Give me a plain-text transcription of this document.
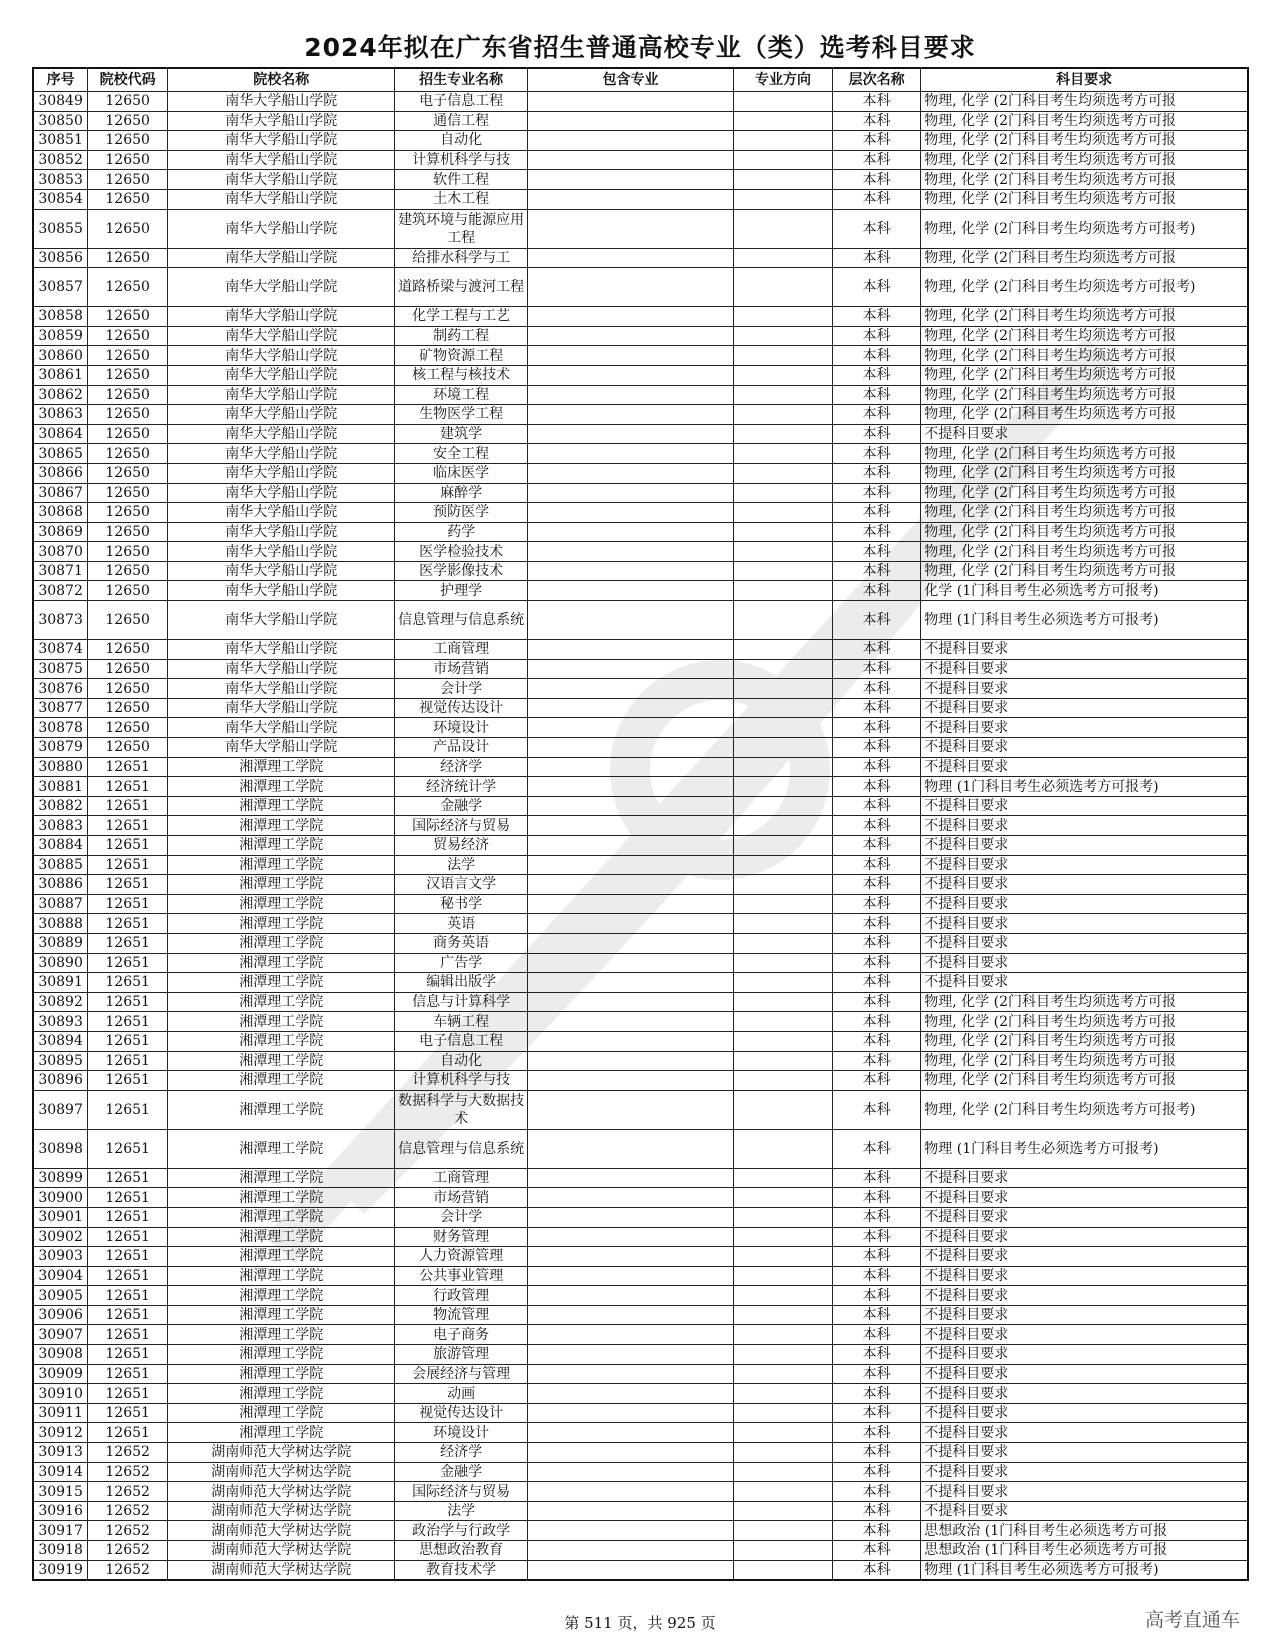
2024年拟在广东省招生普通高校专业（类）选考科目要求
序号	院校代码	院校名称	招生专业名称	包含专业	专业方向	层次名称	科目要求
30849	12650	南华大学船山学院	电子信息工程			本科	物理, 化学 (2门科目考生均须选考方可报
30850	12650	南华大学船山学院	通信工程			本科	物理, 化学 (2门科目考生均须选考方可报
30851	12650	南华大学船山学院	自动化			本科	物理, 化学 (2门科目考生均须选考方可报
30852	12650	南华大学船山学院	计算机科学与技			本科	物理, 化学 (2门科目考生均须选考方可报
30853	12650	南华大学船山学院	软件工程			本科	物理, 化学 (2门科目考生均须选考方可报
30854	12650	南华大学船山学院	土木工程			本科	物理, 化学 (2门科目考生均须选考方可报
30855	12650	南华大学船山学院	建筑环境与能源应用工程			本科	物理, 化学 (2门科目考生均须选考方可报考)
30856	12650	南华大学船山学院	给排水科学与工			本科	物理, 化学 (2门科目考生均须选考方可报
30857	12650	南华大学船山学院	道路桥梁与渡河工程			本科	物理, 化学 (2门科目考生均须选考方可报考)
30858	12650	南华大学船山学院	化学工程与工艺			本科	物理, 化学 (2门科目考生均须选考方可报
30859	12650	南华大学船山学院	制药工程			本科	物理, 化学 (2门科目考生均须选考方可报
30860	12650	南华大学船山学院	矿物资源工程			本科	物理, 化学 (2门科目考生均须选考方可报
30861	12650	南华大学船山学院	核工程与核技术			本科	物理, 化学 (2门科目考生均须选考方可报
30862	12650	南华大学船山学院	环境工程			本科	物理, 化学 (2门科目考生均须选考方可报
30863	12650	南华大学船山学院	生物医学工程			本科	物理, 化学 (2门科目考生均须选考方可报
30864	12650	南华大学船山学院	建筑学			本科	不提科目要求
30865	12650	南华大学船山学院	安全工程			本科	物理, 化学 (2门科目考生均须选考方可报
30866	12650	南华大学船山学院	临床医学			本科	物理, 化学 (2门科目考生均须选考方可报
30867	12650	南华大学船山学院	麻醉学			本科	物理, 化学 (2门科目考生均须选考方可报
30868	12650	南华大学船山学院	预防医学			本科	物理, 化学 (2门科目考生均须选考方可报
30869	12650	南华大学船山学院	药学			本科	物理, 化学 (2门科目考生均须选考方可报
30870	12650	南华大学船山学院	医学检验技术			本科	物理, 化学 (2门科目考生均须选考方可报
30871	12650	南华大学船山学院	医学影像技术			本科	物理, 化学 (2门科目考生均须选考方可报
30872	12650	南华大学船山学院	护理学			本科	化学 (1门科目考生必须选考方可报考)
30873	12650	南华大学船山学院	信息管理与信息系统			本科	物理 (1门科目考生必须选考方可报考)
30874	12650	南华大学船山学院	工商管理			本科	不提科目要求
30875	12650	南华大学船山学院	市场营销			本科	不提科目要求
30876	12650	南华大学船山学院	会计学			本科	不提科目要求
30877	12650	南华大学船山学院	视觉传达设计			本科	不提科目要求
30878	12650	南华大学船山学院	环境设计			本科	不提科目要求
30879	12650	南华大学船山学院	产品设计			本科	不提科目要求
30880	12651	湘潭理工学院	经济学			本科	不提科目要求
30881	12651	湘潭理工学院	经济统计学			本科	物理 (1门科目考生必须选考方可报考)
30882	12651	湘潭理工学院	金融学			本科	不提科目要求
30883	12651	湘潭理工学院	国际经济与贸易			本科	不提科目要求
30884	12651	湘潭理工学院	贸易经济			本科	不提科目要求
30885	12651	湘潭理工学院	法学			本科	不提科目要求
30886	12651	湘潭理工学院	汉语言文学			本科	不提科目要求
30887	12651	湘潭理工学院	秘书学			本科	不提科目要求
30888	12651	湘潭理工学院	英语			本科	不提科目要求
30889	12651	湘潭理工学院	商务英语			本科	不提科目要求
30890	12651	湘潭理工学院	广告学			本科	不提科目要求
30891	12651	湘潭理工学院	编辑出版学			本科	不提科目要求
30892	12651	湘潭理工学院	信息与计算科学			本科	物理, 化学 (2门科目考生均须选考方可报
30893	12651	湘潭理工学院	车辆工程			本科	物理, 化学 (2门科目考生均须选考方可报
30894	12651	湘潭理工学院	电子信息工程			本科	物理, 化学 (2门科目考生均须选考方可报
30895	12651	湘潭理工学院	自动化			本科	物理, 化学 (2门科目考生均须选考方可报
30896	12651	湘潭理工学院	计算机科学与技			本科	物理, 化学 (2门科目考生均须选考方可报
30897	12651	湘潭理工学院	数据科学与大数据技术			本科	物理, 化学 (2门科目考生均须选考方可报考)
30898	12651	湘潭理工学院	信息管理与信息系统			本科	物理 (1门科目考生必须选考方可报考)
30899	12651	湘潭理工学院	工商管理			本科	不提科目要求
30900	12651	湘潭理工学院	市场营销			本科	不提科目要求
30901	12651	湘潭理工学院	会计学			本科	不提科目要求
30902	12651	湘潭理工学院	财务管理			本科	不提科目要求
30903	12651	湘潭理工学院	人力资源管理			本科	不提科目要求
30904	12651	湘潭理工学院	公共事业管理			本科	不提科目要求
30905	12651	湘潭理工学院	行政管理			本科	不提科目要求
30906	12651	湘潭理工学院	物流管理			本科	不提科目要求
30907	12651	湘潭理工学院	电子商务			本科	不提科目要求
30908	12651	湘潭理工学院	旅游管理			本科	不提科目要求
30909	12651	湘潭理工学院	会展经济与管理			本科	不提科目要求
30910	12651	湘潭理工学院	动画			本科	不提科目要求
30911	12651	湘潭理工学院	视觉传达设计			本科	不提科目要求
30912	12651	湘潭理工学院	环境设计			本科	不提科目要求
30913	12652	湖南师范大学树达学院	经济学			本科	不提科目要求
30914	12652	湖南师范大学树达学院	金融学			本科	不提科目要求
30915	12652	湖南师范大学树达学院	国际经济与贸易			本科	不提科目要求
30916	12652	湖南师范大学树达学院	法学			本科	不提科目要求
30917	12652	湖南师范大学树达学院	政治学与行政学			本科	思想政治 (1门科目考生必须选考方可报
30918	12652	湖南师范大学树达学院	思想政治教育			本科	思想政治 (1门科目考生必须选考方可报
30919	12652	湖南师范大学树达学院	教育技术学			本科	物理 (1门科目考生必须选考方可报考)
第 511 页，共 925 页	高考直通车
